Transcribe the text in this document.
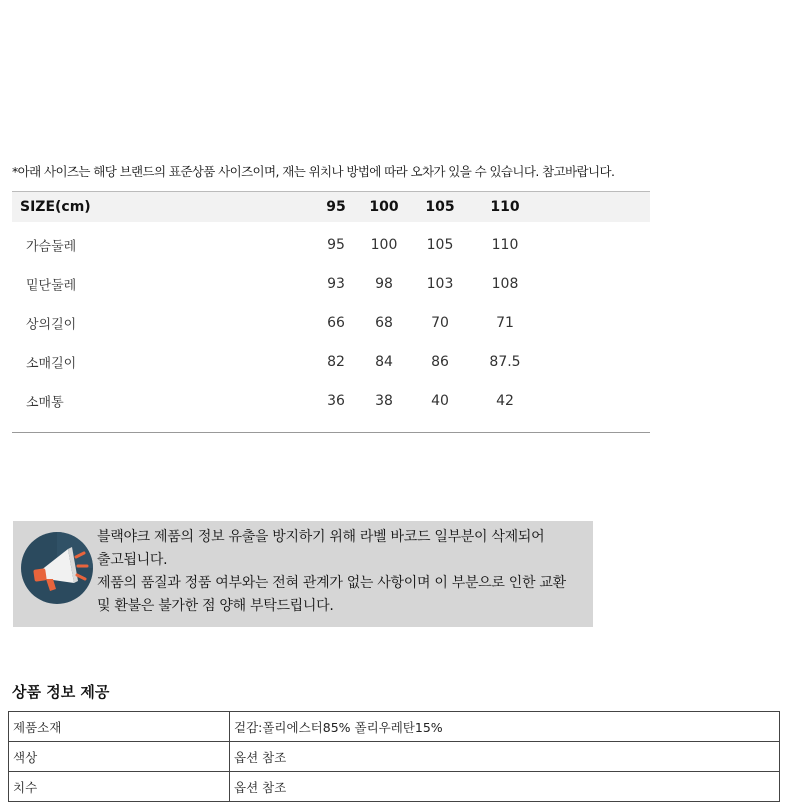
*아래 사이즈는 해당 브랜드의 표준상품 사이즈이며, 재는 위치나 방법에 따라 오차가 있을 수 있습니다. 참고바랍니다.
SIZE(cm)	95	100	105	110
가슴둘레	95	100	105	110
밑단둘레	93	98	103	108
상의길이	66	68	70	71
소매길이	82	84	86	87.5
소매통	36	38	40	42
블랙야크 제품의 정보 유출을 방지하기 위해 라벨 바코드 일부분이 삭제되어
출고됩니다.
제품의 품질과 정품 여부와는 전혀 관계가 없는 사항이며 이 부분으로 인한 교환
및 환불은 불가한 점 양해 부탁드립니다.
상품 정보 제공
제품소재	겉감:폴리에스터85% 폴리우레탄15%
색상	옵션 참조
치수	옵션 참조
